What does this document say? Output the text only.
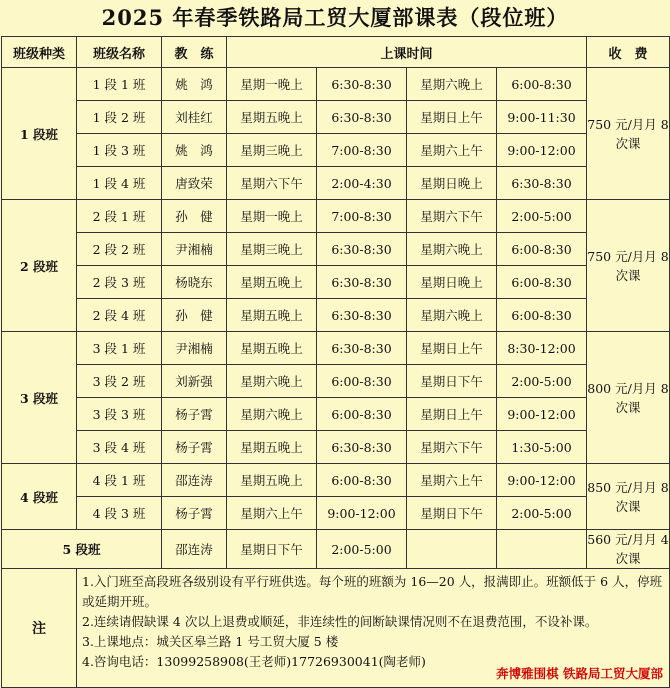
2025 年春季铁路局工贸大厦部课表（段位班）
班级种类	班级名称	教　练	上课时间				收　费
1 段班	1 段 1 班	姚　鸿	星期一晚上	6:30-8:30	星期六晚上	6:00-8:30	750 元/月月 8 次课
	1 段 2 班	刘桂红	星期五晚上	6:30-8:30	星期日上午	9:00-11:30	
	1 段 3 班	姚　鸿	星期三晚上	7:00-8:30	星期六上午	9:00-12:00	
	1 段 4 班	唐致荣	星期六下午	2:00-4:30	星期日晚上	6:30-8:30	
2 段班	2 段 1 班	孙　健	星期一晚上	7:00-8:30	星期六下午	2:00-5:00	750 元/月月 8 次课
	2 段 2 班	尹湘楠	星期三晚上	6:30-8:30	星期六晚上	6:00-8:30	
	2 段 3 班	杨晓东	星期五晚上	6:30-8:30	星期日晚上	6:00-8:30	
	2 段 4 班	孙　健	星期五晚上	6:30-8:30	星期六晚上	6:00-8:30	
3 段班	3 段 1 班	尹湘楠	星期五晚上	6:30-8:30	星期日上午	8:30-12:00	800 元/月月 8 次课
	3 段 2 班	刘新强	星期六晚上	6:00-8:30	星期日下午	2:00-5:00	
	3 段 3 班	杨子霄	星期六晚上	6:00-8:30	星期日上午	9:00-12:00	
	3 段 4 班	杨子霄	星期五晚上	6:30-8:30	星期六下午	1:30-5:00	
4 段班	4 段 1 班	邵连涛	星期五晚上	6:00-8:30	星期六上午	9:00-12:00	850 元/月月 8 次课
	4 段 3 班	杨子霄	星期六上午	9:00-12:00	星期日下午	2:00-5:00	
5 段班		邵连涛	星期日下午	2:00-5:00			560 元/月月 4 次课
注	1.入门班至高段班各级别设有平行班供选。每个班的班额为 16—20 人，报满即止。班额低于 6 人，停班或延期开班。
2.连续请假缺课 4 次以上退费或顺延，非连续性的间断缺课情况则不在退费范围，不设补课。
3.上课地点：城关区皋兰路 1 号工贸大厦 5 楼
4.咨询电话：13099258908(王老师)17726930041(陶老师)
奔博雅围棋 铁路局工贸大厦部						
